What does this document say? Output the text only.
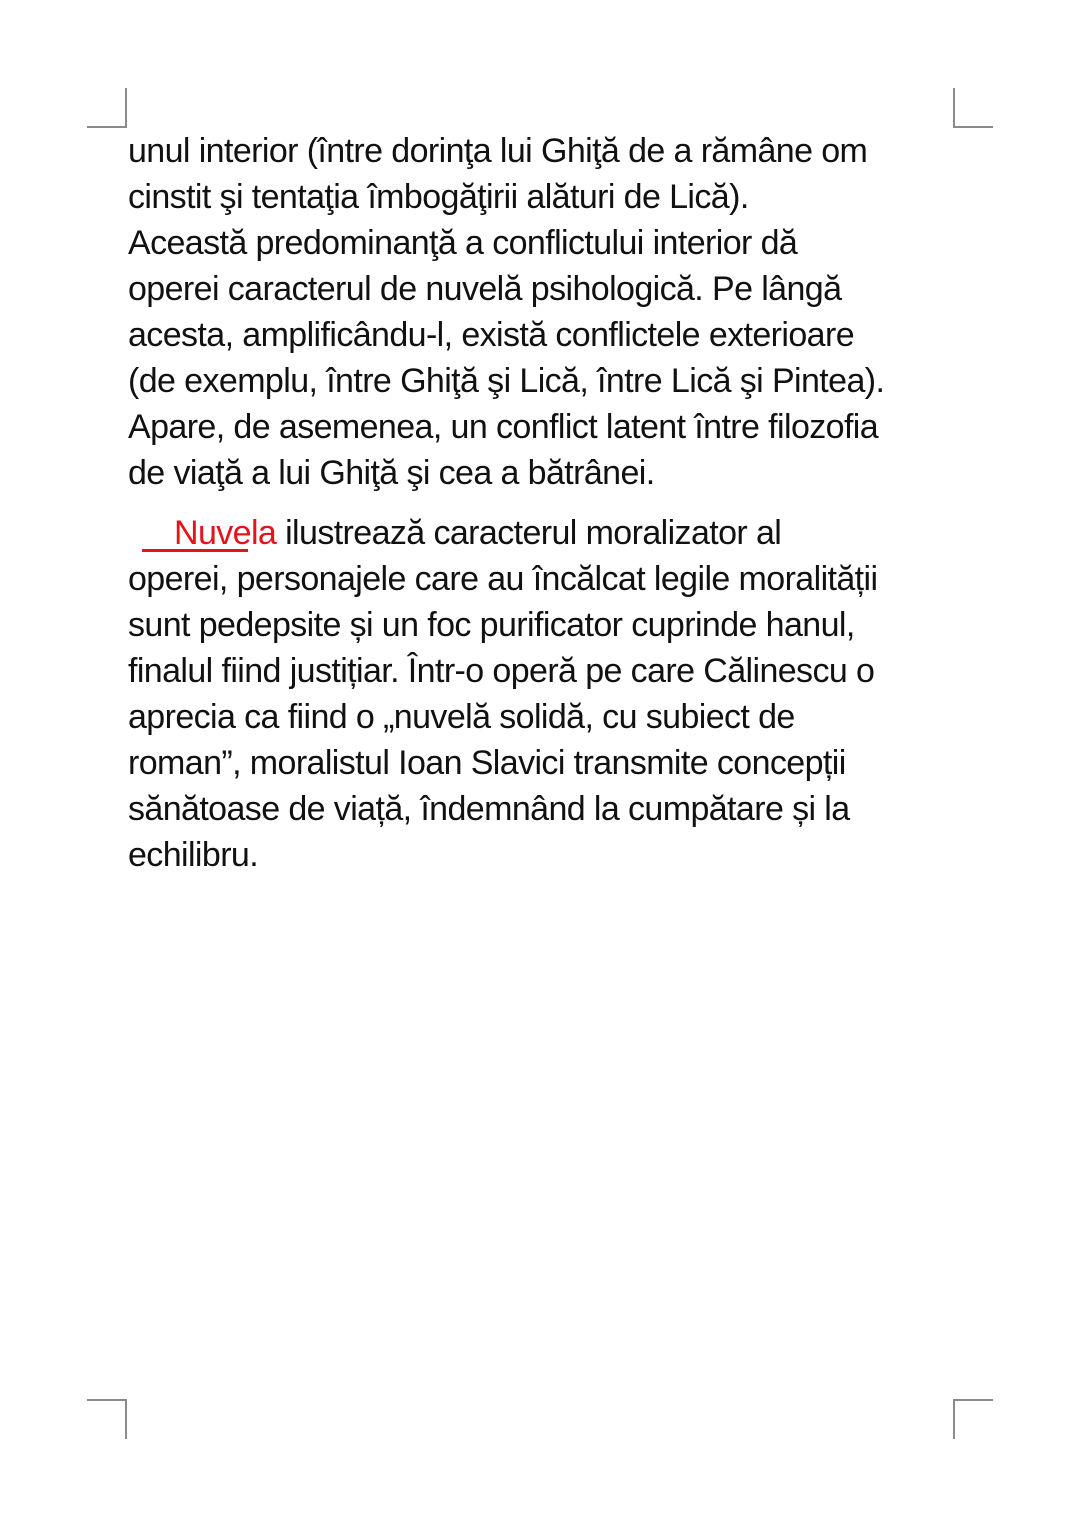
unul interior (între dorinţa lui Ghiţă de a rămâne om
cinstit şi tentaţia îmbogăţirii alături de Lică).
Această predominanţă a conflictului interior dă
operei caracterul de nuvelă psihologică. Pe lângă
acesta, amplificându-l, există conflictele exterioare
(de exemplu, între Ghiţă şi Lică, între Lică şi Pintea).
Apare, de asemenea, un conflict latent între filozofia
de viaţă a lui Ghiţă şi cea a bătrânei.

Nuvela ilustrează caracterul moralizator al
operei, personajele care au încălcat legile moralității
sunt pedepsite și un foc purificator cuprinde hanul,
finalul fiind justițiar. Într-o operă pe care Călinescu o
aprecia ca fiind o „nuvelă solidă, cu subiect de
roman”, moralistul Ioan Slavici transmite concepții
sănătoase de viață, îndemnând la cumpătare și la
echilibru.
